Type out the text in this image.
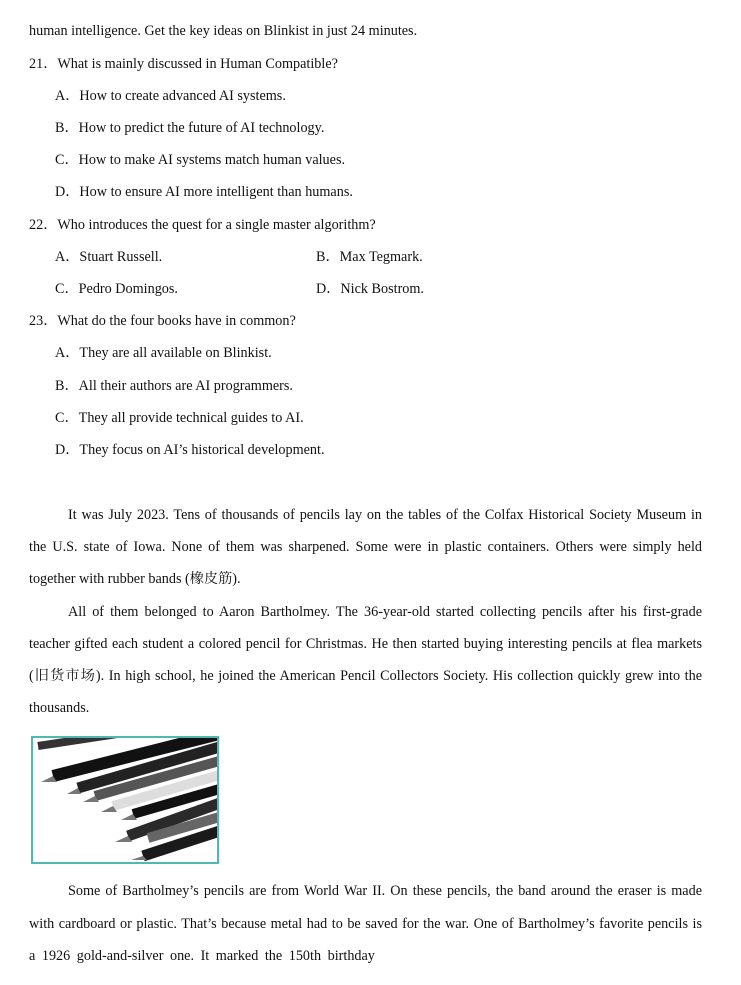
human intelligence. Get the key ideas on Blinkist in just 24 minutes.
21．What is mainly discussed in Human Compatible?
A．How to create advanced AI systems.
B．How to predict the future of AI technology.
C．How to make AI systems match human values.
D．How to ensure AI more intelligent than humans.
22．Who introduces the quest for a single master algorithm?
A．Stuart Russell.	B．Max Tegmark.
C．Pedro Domingos.	D．Nick Bostrom.
23．What do the four books have in common?
A．They are all available on Blinkist.
B．All their authors are AI programmers.
C．They all provide technical guides to AI.
D．They focus on AI’s historical development.
It was July 2023. Tens of thousands of pencils lay on the tables of the Colfax Historical Society Museum in
the U.S. state of Iowa. None of them was sharpened. Some were in plastic containers. Others were simply held
together with rubber bands (橡皮筋).
All of them belonged to Aaron Bartholmey. The 36-year-old started collecting pencils after his first-grade
teacher gifted each student a colored pencil for Christmas. He then started buying interesting pencils at flea markets
(旧货市场). In high school, he joined the American Pencil Collectors Society. His collection quickly grew into the
thousands.
Some of Bartholmey’s pencils are from World War II. On these pencils, the band around the eraser is made
with cardboard or plastic. That’s because metal had to be saved for the war. One of Bartholmey’s favorite pencils is
a 1926 gold-and-silver one. It marked the 150th birthday
